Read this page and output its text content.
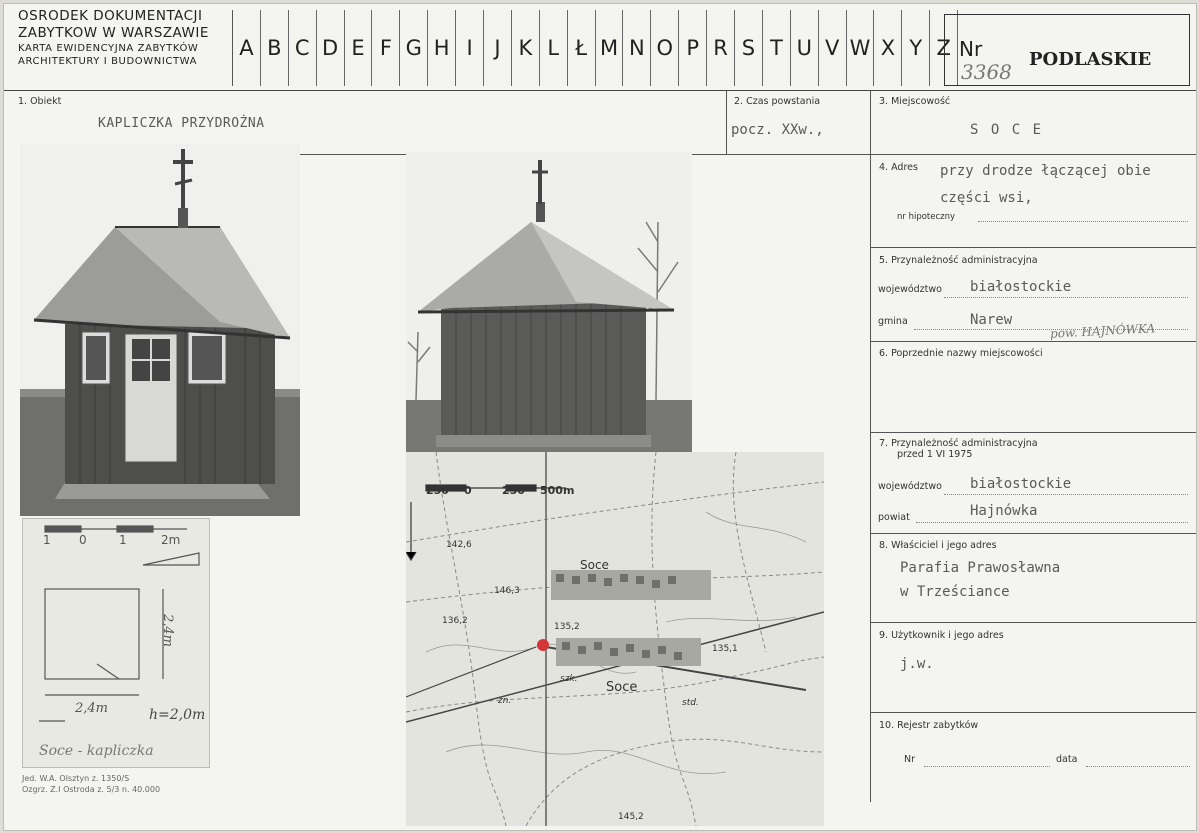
OSRODEK DOKUMENTACJI
ZABYTKOW W WARSZAWIE
KARTA EWIDENCYJNA ZABYTKÓW
ARCHITEKTURY I BUDOWNICTWA
A B C D E F G H I	J K L Ł M N O P R S T U V W X Y Z Nr
3368
PODLASKIE
1. Obiekt
KAPLICZKA PRZYDROŻNA
2. Czas powstania
pocz. XXw.,
3. Miejscowość
S O C E
4. Adres przy drodze łączącej obie
części wsi,
nr hipoteczny
5. Przynależność administracyjna
województwo białostockie
gmina	Narew
pow. HAJNÓWKA
6. Poprzednie nazwy miejscowości
7. Przynależność administracyjna
przed 1 VI 1975
województwo białostockie
powiat	Hajnówka
8. Właściciel i jego adres
Parafia Prawosławna
w Trześciance
9. Użytkownik i jego adres
j.w.
10. Rejestr zabytków
Nr	data
1 0	1	2m
2,4m
2,4m	h=2,0m
Soce - kapliczka
250 0	250 500m
Soce
Soce
142,6
146,3
136,2
135,2
135,1
145,2
szk.
zn.	std.
Jed. W.A. Olsztyn z. 1350/S
Ozgrz. Z.I Ostroda z. 5/3 n. 40.000
